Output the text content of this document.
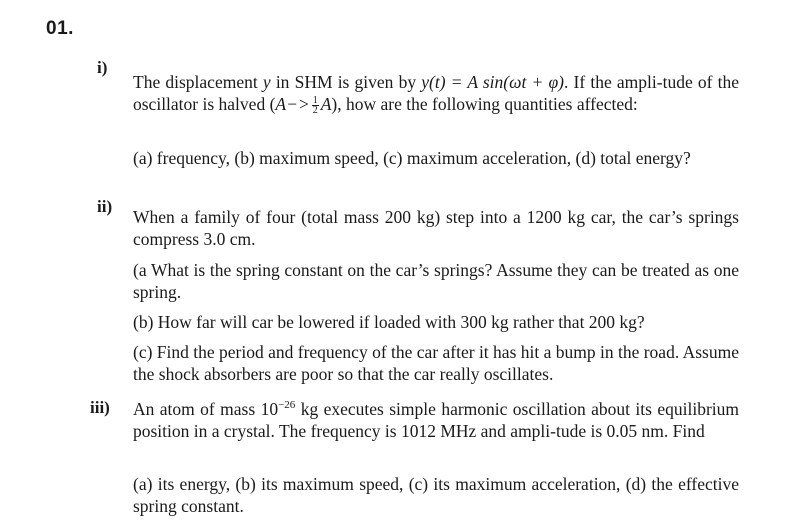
01.
i)

The displacement y in SHM is given by y(t) = A sin(ωt + φ). If the ampli-tude of the oscillator is halved $(A-> \frac{1}{2} A)$, how are the following quantities affected:

(a) frequency, (b) maximum speed, (c) maximum acceleration, (d) total energy?

ii)

When a family of four (total mass 200 kg) step into a 1200 kg car, the car’s springs compress 3.0 cm.

(a What is the spring constant on the car’s springs? Assume they can be treated as one spring.

(b) How far will car be lowered if loaded with 300 kg rather that 200 kg?

(c) Find the period and frequency of the car after it has hit a bump in the road. Assume the shock absorbers are poor so that the car really oscillates.

iii) An atom of mass $10^{-26}$ kg executes simple harmonic oscillation about its equilibrium position in a crystal. The frequency is 1012 MHz and ampli-tude is 0.05 nm. Find

(a) its energy, (b) its maximum speed, (c) its maximum acceleration, (d) the effective spring constant.
